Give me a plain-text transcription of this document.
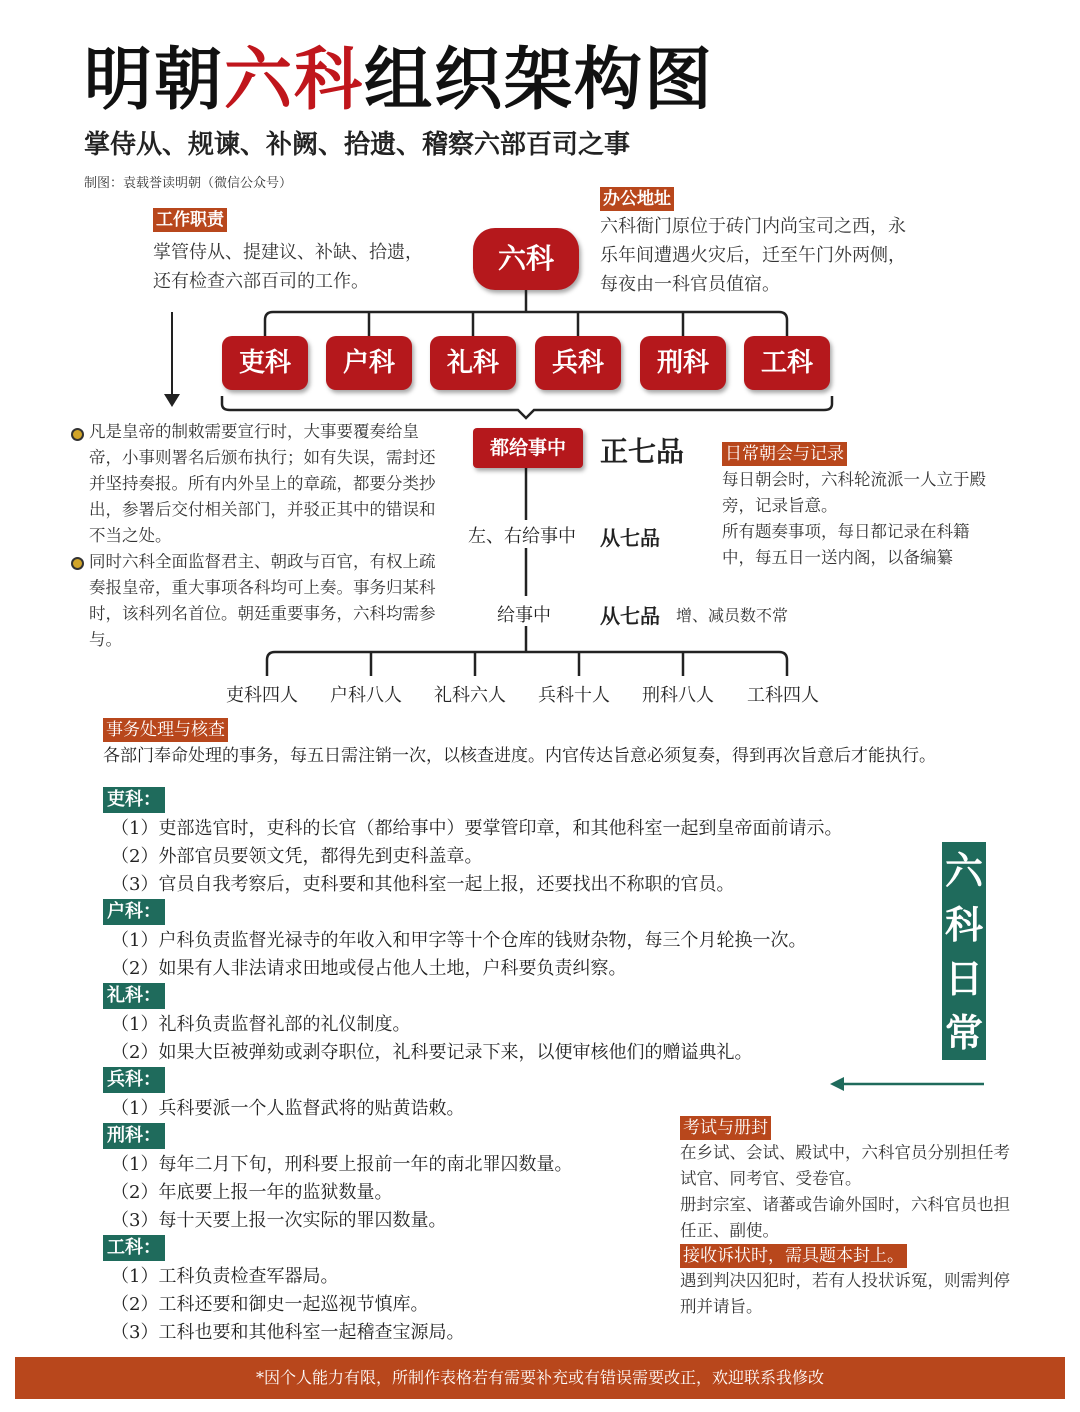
明朝六科组织架构图
掌侍从、规谏、补阙、拾遗、稽察六部百司之事
制图：袁载誉读明朝（微信公众号）
工作职责
掌管侍从、提建议、补缺、拾遗，还有检查六部百司的工作。
办公地址
六科衙门原位于砖门内尚宝司之西，永乐年间遭遇火灾后，迁至午门外两侧，每夜由一科官员值宿。
六科
吏科	户科	礼科	兵科	刑科	工科
都给事中	正七品
左、右给事中 从七品
给事中 从七品 增、减员数不常
吏科四人 户科八人 礼科六人 兵科十人 刑科八人 工科四人
凡是皇帝的制敕需要宣行时，大事要覆奏给皇帝，小事则署名后颁布执行；如有失误，需封还并坚持奏报。所有内外呈上的章疏，都要分类抄出，参署后交付相关部门，并驳正其中的错误和不当之处。
同时六科全面监督君主、朝政与百官，有权上疏奏报皇帝，重大事项各科均可上奏。事务归某科时，该科列名首位。朝廷重要事务，六科均需参与。
日常朝会与记录
每日朝会时，六科轮流派一人立于殿旁，记录旨意。
所有题奏事项，每日都记录在科籍中，每五日一送内阁，以备编纂
事务处理与核查
各部门奉命处理的事务，每五日需注销一次，以核查进度。内官传达旨意必须复奏，得到再次旨意后才能执行。
吏科：
（1）吏部选官时，吏科的长官（都给事中）要掌管印章，和其他科室一起到皇帝面前请示。
（2）外部官员要领文凭，都得先到吏科盖章。
（3）官员自我考察后，吏科要和其他科室一起上报，还要找出不称职的官员。
户科：
（1）户科负责监督光禄寺的年收入和甲字等十个仓库的钱财杂物，每三个月轮换一次。
（2）如果有人非法请求田地或侵占他人土地，户科要负责纠察。
礼科：
（1）礼科负责监督礼部的礼仪制度。
（2）如果大臣被弹劾或剥夺职位，礼科要记录下来，以便审核他们的赠谥典礼。
兵科：
（1）兵科要派一个人监督武将的贴黄诰敕。
刑科：
（1）每年二月下旬，刑科要上报前一年的南北罪囚数量。
（2）年底要上报一年的监狱数量。
（3）每十天要上报一次实际的罪囚数量。
工科：
（1）工科负责检查军器局。
（2）工科还要和御史一起巡视节慎库。
（3）工科也要和其他科室一起稽查宝源局。
六
科
日
常
考试与册封
在乡试、会试、殿试中，六科官员分别担任考试官、同考官、受卷官。
册封宗室、诸蕃或告谕外国时，六科官员也担任正、副使。
接收诉状时，需具题本封上。
遇到判决囚犯时，若有人投状诉冤，则需判停刑并请旨。
*因个人能力有限，所制作表格若有需要补充或有错误需要改正，欢迎联系我修改
